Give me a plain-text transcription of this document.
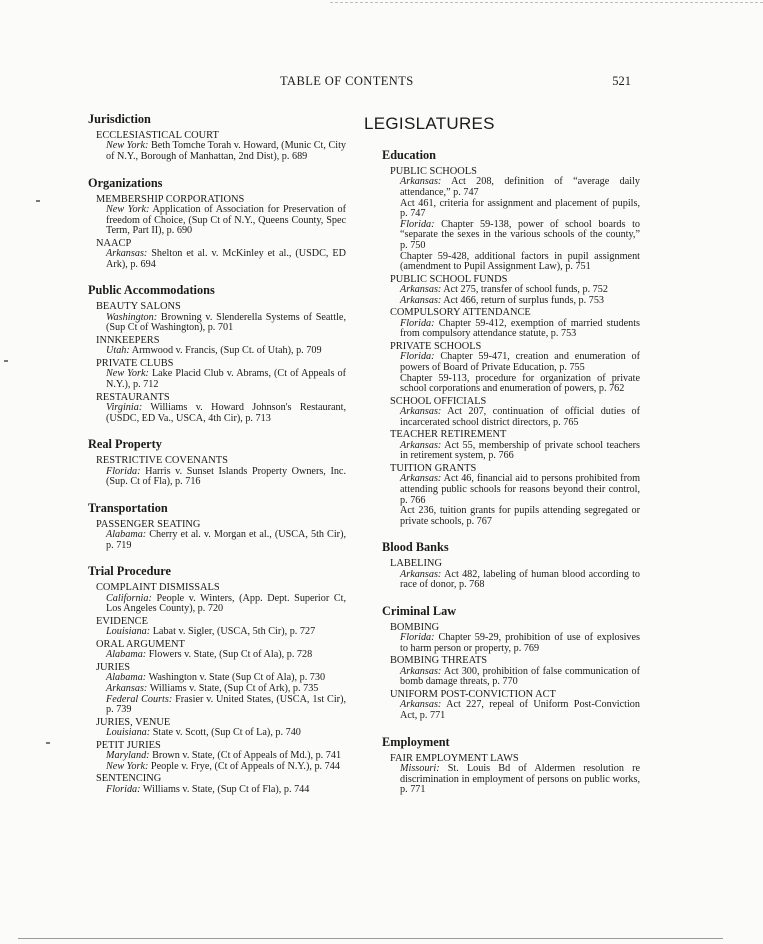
TABLE OF CONTENTS	521
Jurisdiction
ECCLESIASTICAL COURT
New York: Beth Tomche Torah v. Howard, (Munic Ct, City of N.Y., Borough of Manhattan, 2nd Dist), p. 689
Organizations
MEMBERSHIP CORPORATIONS
New York: Application of Association for Preservation of freedom of Choice, (Sup Ct of N.Y., Queens County, Spec Term, Part II), p. 690
NAACP
Arkansas: Shelton et al. v. McKinley et al., (USDC, ED Ark), p. 694
Public Accommodations
BEAUTY SALONS
Washington: Browning v. Slenderella Systems of Seattle, (Sup Ct of Washington), p. 701
INNKEEPERS
Utah: Armwood v. Francis, (Sup Ct. of Utah), p. 709
PRIVATE CLUBS
New York: Lake Placid Club v. Abrams, (Ct of Appeals of N.Y.), p. 712
RESTAURANTS
Virginia: Williams v. Howard Johnson's Restaurant, (USDC, ED Va., USCA, 4th Cir), p. 713
Real Property
RESTRICTIVE COVENANTS
Florida: Harris v. Sunset Islands Property Owners, Inc. (Sup. Ct of Fla), p. 716
Transportation
PASSENGER SEATING
Alabama: Cherry et al. v. Morgan et al., (USCA, 5th Cir), p. 719
Trial Procedure
COMPLAINT DISMISSALS
California: People v. Winters, (App. Dept. Superior Ct, Los Angeles County), p. 720
EVIDENCE
Louisiana: Labat v. Sigler, (USCA, 5th Cir), p. 727
ORAL ARGUMENT
Alabama: Flowers v. State, (Sup Ct of Ala), p. 728
JURIES
Alabama: Washington v. State (Sup Ct of Ala), p. 730
Arkansas: Williams v. State, (Sup Ct of Ark), p. 735
Federal Courts: Frasier v. United States, (USCA, 1st Cir), p. 739
JURIES, VENUE
Louisiana: State v. Scott, (Sup Ct of La), p. 740
PETIT JURIES
Maryland: Brown v. State, (Ct of Appeals of Md.), p. 741
New York: People v. Frye, (Ct of Appeals of N.Y.), p. 744
SENTENCING
Florida: Williams v. State, (Sup Ct of Fla), p. 744
LEGISLATURES
Education
PUBLIC SCHOOLS
Arkansas: Act 208, definition of “average daily attendance,” p. 747
Act 461, criteria for assignment and placement of pupils, p. 747
Florida: Chapter 59-138, power of school boards to “separate the sexes in the various schools of the county,” p. 750
Chapter 59-428, additional factors in pupil assignment (amendment to Pupil Assignment Law), p. 751
PUBLIC SCHOOL FUNDS
Arkansas: Act 275, transfer of school funds, p. 752
Arkansas: Act 466, return of surplus funds, p. 753
COMPULSORY ATTENDANCE
Florida: Chapter 59-412, exemption of married students from compulsory attendance statute, p. 753
PRIVATE SCHOOLS
Florida: Chapter 59-471, creation and enumeration of powers of Board of Private Education, p. 755
Chapter 59-113, procedure for organization of private school corporations and enumeration of powers, p. 762
SCHOOL OFFICIALS
Arkansas: Act 207, continuation of official duties of incarcerated school district directors, p. 765
TEACHER RETIREMENT
Arkansas: Act 55, membership of private school teachers in retirement system, p. 766
TUITION GRANTS
Arkansas: Act 46, financial aid to persons prohibited from attending public schools for reasons beyond their control, p. 766
Act 236, tuition grants for pupils attending segregated or private schools, p. 767
Blood Banks
LABELING
Arkansas: Act 482, labeling of human blood according to race of donor, p. 768
Criminal Law
BOMBING
Florida: Chapter 59-29, prohibition of use of explosives to harm person or property, p. 769
BOMBING THREATS
Arkansas: Act 300, prohibition of false communication of bomb damage threats, p. 770
UNIFORM POST-CONVICTION ACT
Arkansas: Act 227, repeal of Uniform Post-Conviction Act, p. 771
Employment
FAIR EMPLOYMENT LAWS
Missouri: St. Louis Bd of Aldermen resolution re discrimination in employment of persons on public works, p. 771
